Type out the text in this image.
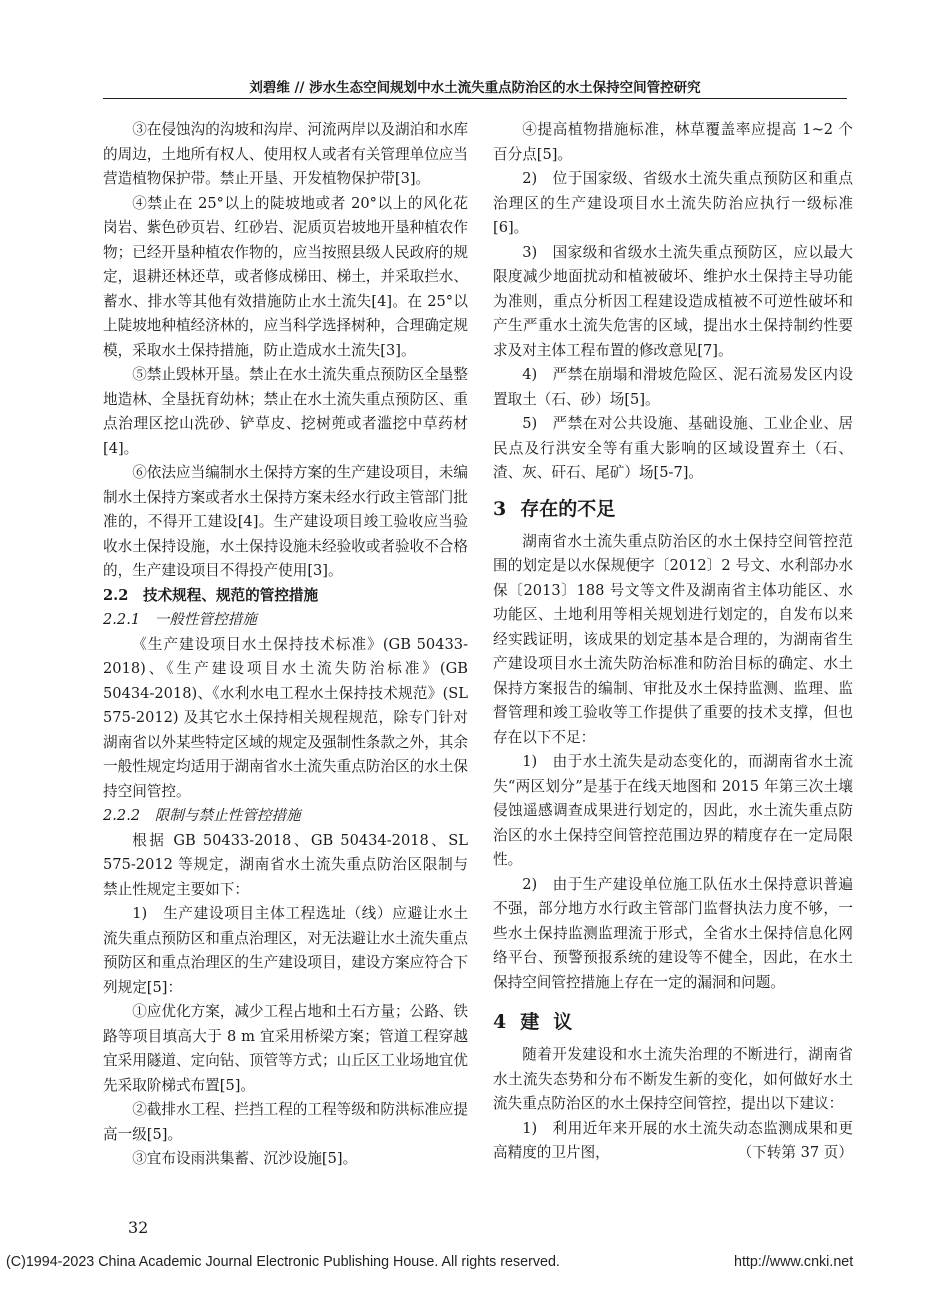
刘碧维 // 涉水生态空间规划中水土流失重点防治区的水土保持空间管控研究

③在侵蚀沟的沟坡和沟岸、河流两岸以及湖泊和水库的周边，土地所有权人、使用权人或者有关管理单位应当营造植物保护带。禁止开垦、开发植物保护带[3]。

④禁止在 25°以上的陡坡地或者 20°以上的风化花岗岩、紫色砂页岩、红砂岩、泥质页岩坡地开垦种植农作物；已经开垦种植农作物的，应当按照县级人民政府的规定，退耕还林还草，或者修成梯田、梯土，并采取拦水、蓄水、排水等其他有效措施防止水土流失[4]。在 25°以上陡坡地种植经济林的，应当科学选择树种，合理确定规模，采取水土保持措施，防止造成水土流失[3]。

⑤禁止毁林开垦。禁止在水土流失重点预防区全垦整地造林、全垦抚育幼林；禁止在水土流失重点预防区、重点治理区挖山洗砂、铲草皮、挖树蔸或者滥挖中草药材[4]。

⑥依法应当编制水土保持方案的生产建设项目，未编制水土保持方案或者水土保持方案未经水行政主管部门批准的，不得开工建设[4]。生产建设项目竣工验收应当验收水土保持设施，水土保持设施未经验收或者验收不合格的，生产建设项目不得投产使用[3]。

2.2　技术规程、规范的管控措施

2.2.1　一般性管控措施

《生产建设项目水土保持技术标准》(GB 50433-2018)、《生产建设项目水土流失防治标准》(GB 50434-2018)、《水利水电工程水土保持技术规范》(SL 575-2012) 及其它水土保持相关规程规范，除专门针对湖南省以外某些特定区域的规定及强制性条款之外，其余一般性规定均适用于湖南省水土流失重点防治区的水土保持空间管控。

2.2.2　限制与禁止性管控措施

根据 GB 50433-2018、GB 50434-2018、SL 575-2012 等规定，湖南省水土流失重点防治区限制与禁止性规定主要如下：

1)　生产建设项目主体工程选址（线）应避让水土流失重点预防区和重点治理区，对无法避让水土流失重点预防区和重点治理区的生产建设项目，建设方案应符合下列规定[5]：

①应优化方案，减少工程占地和土石方量；公路、铁路等项目填高大于 8 m 宜采用桥梁方案；管道工程穿越宜采用隧道、定向钻、顶管等方式；山丘区工业场地宜优先采取阶梯式布置[5]。

②截排水工程、拦挡工程的工程等级和防洪标准应提高一级[5]。

③宜布设雨洪集蓄、沉沙设施[5]。

④提高植物措施标准，林草覆盖率应提高 1~2 个百分点[5]。

2)　位于国家级、省级水土流失重点预防区和重点治理区的生产建设项目水土流失防治应执行一级标准[6]。

3)　国家级和省级水土流失重点预防区，应以最大限度减少地面扰动和植被破坏、维护水土保持主导功能为准则，重点分析因工程建设造成植被不可逆性破坏和产生严重水土流失危害的区域，提出水土保持制约性要求及对主体工程布置的修改意见[7]。

4)　严禁在崩塌和滑坡危险区、泥石流易发区内设置取土（石、砂）场[5]。

5)　严禁在对公共设施、基础设施、工业企业、居民点及行洪安全等有重大影响的区域设置弃土（石、渣、灰、矸石、尾矿）场[5-7]。

3 存在的不足

湖南省水土流失重点防治区的水土保持空间管控范围的划定是以水保规便字〔2012〕2 号文、水利部办水保〔2013〕188 号文等文件及湖南省主体功能区、水功能区、土地利用等相关规划进行划定的，自发布以来经实践证明，该成果的划定基本是合理的，为湖南省生产建设项目水土流失防治标准和防治目标的确定、水土保持方案报告的编制、审批及水土保持监测、监理、监督管理和竣工验收等工作提供了重要的技术支撑，但也存在以下不足：

1)　由于水土流失是动态变化的，而湖南省水土流失“两区划分”是基于在线天地图和 2015 年第三次土壤侵蚀遥感调查成果进行划定的，因此，水土流失重点防治区的水土保持空间管控范围边界的精度存在一定局限性。

2)　由于生产建设单位施工队伍水土保持意识普遍不强，部分地方水行政主管部门监督执法力度不够，一些水土保持监测监理流于形式，全省水土保持信息化网络平台、预警预报系统的建设等不健全，因此，在水土保持空间管控措施上存在一定的漏洞和问题。

4 建议

随着开发建设和水土流失治理的不断进行，湖南省水土流失态势和分布不断发生新的变化，如何做好水土流失重点防治区的水土保持空间管控，提出以下建议：

1)　利用近年来开展的水土流失动态监测成果和更高精度的卫片图，	（下转第 37 页）

32
(C)1994-2023 China Academic Journal Electronic Publishing House. All rights reserved.	http://www.cnki.net
